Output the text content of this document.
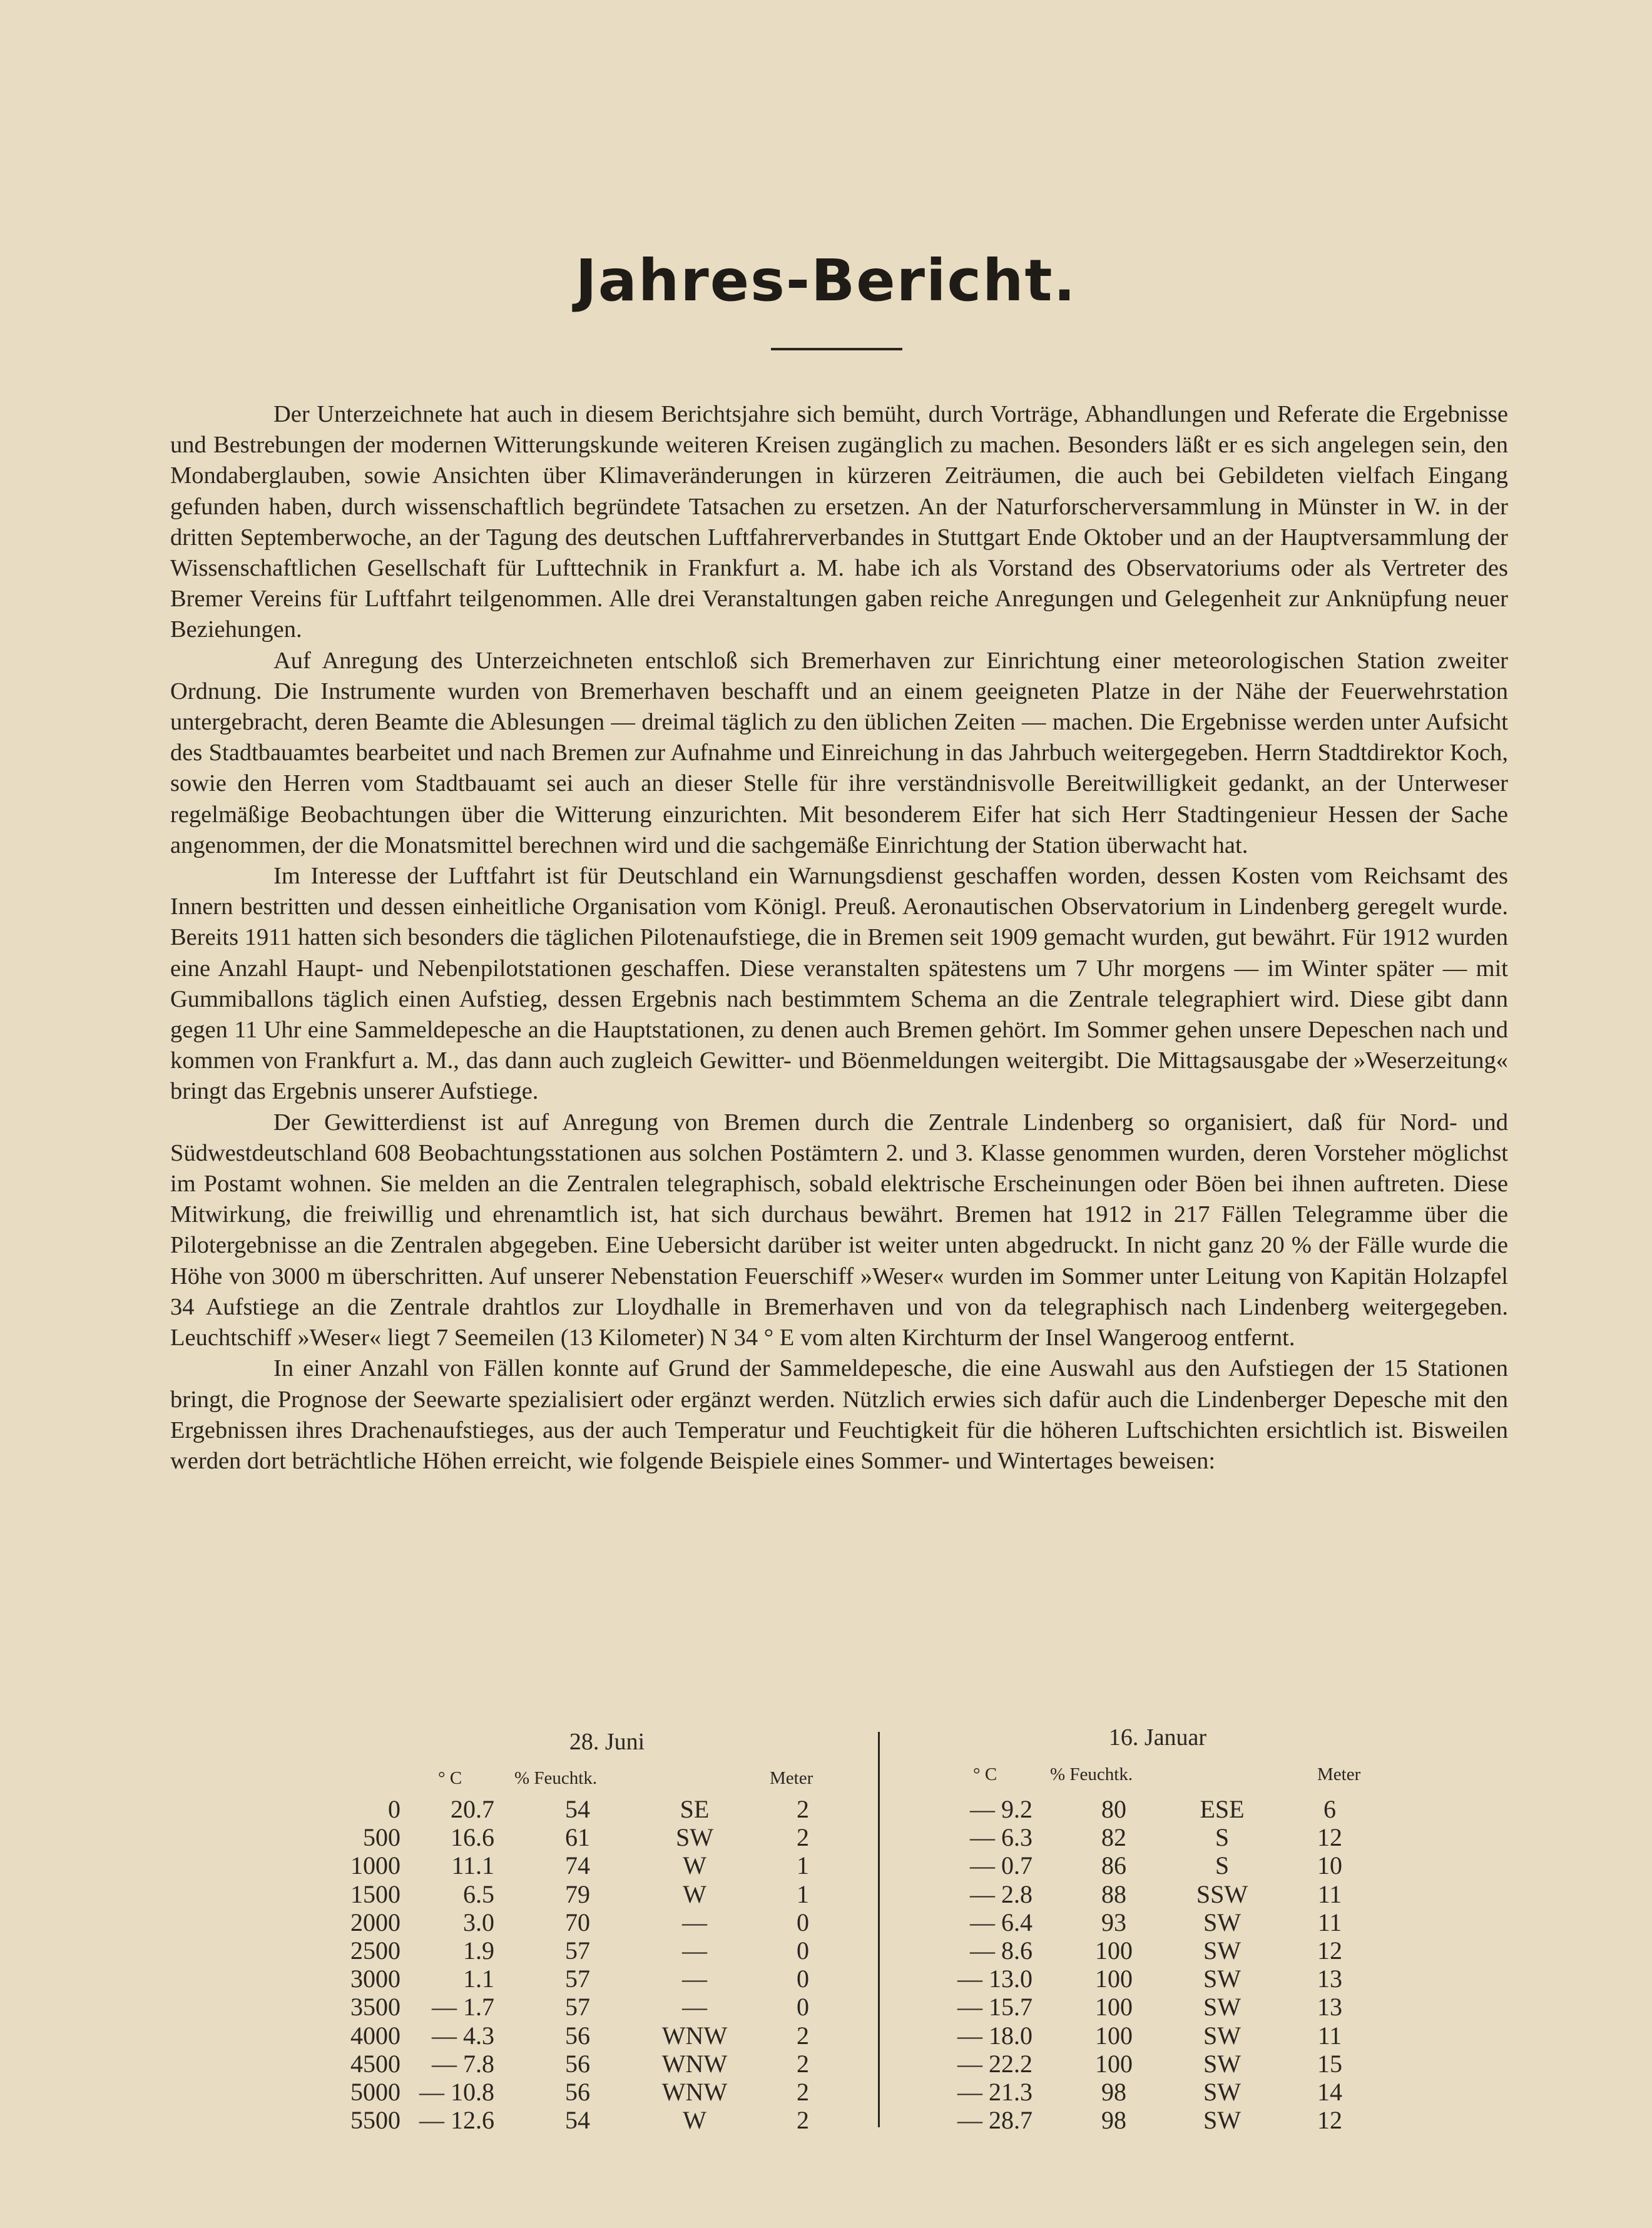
Jahres-Bericht.

Der Unterzeichnete hat auch in diesem Berichtsjahre sich bemüht, durch Vorträge, Abhandlungen und Referate die Ergebnisse und Bestrebungen der modernen Witterungskunde weiteren Kreisen zugänglich zu machen. Besonders läßt er es sich angelegen sein, den Mondaberglauben, sowie Ansichten über Klimaveränderungen in kürzeren Zeiträumen, die auch bei Gebildeten vielfach Eingang gefunden haben, durch wissenschaftlich begründete Tatsachen zu ersetzen. An der Naturforscherversammlung in Münster in W. in der dritten Septemberwoche, an der Tagung des deutschen Luftfahrerverbandes in Stuttgart Ende Oktober und an der Hauptversammlung der Wissenschaftlichen Gesellschaft für Lufttechnik in Frankfurt a. M. habe ich als Vorstand des Observatoriums oder als Vertreter des Bremer Vereins für Luftfahrt teilgenommen. Alle drei Veranstaltungen gaben reiche Anregungen und Gelegenheit zur Anknüpfung neuer Beziehungen.

Auf Anregung des Unterzeichneten entschloß sich Bremerhaven zur Einrichtung einer meteorologischen Station zweiter Ordnung. Die Instrumente wurden von Bremerhaven beschafft und an einem geeigneten Platze in der Nähe der Feuerwehrstation untergebracht, deren Beamte die Ablesungen — dreimal täglich zu den üblichen Zeiten — machen. Die Ergebnisse werden unter Aufsicht des Stadtbauamtes bearbeitet und nach Bremen zur Aufnahme und Einreichung in das Jahrbuch weitergegeben. Herrn Stadtdirektor Koch, sowie den Herren vom Stadtbauamt sei auch an dieser Stelle für ihre verständnisvolle Bereitwilligkeit gedankt, an der Unterweser regelmäßige Beobachtungen über die Witterung einzurichten. Mit besonderem Eifer hat sich Herr Stadtingenieur Hessen der Sache angenommen, der die Monatsmittel berechnen wird und die sachgemäße Einrichtung der Station überwacht hat.

Im Interesse der Luftfahrt ist für Deutschland ein Warnungsdienst geschaffen worden, dessen Kosten vom Reichsamt des Innern bestritten und dessen einheitliche Organisation vom Königl. Preuß. Aeronautischen Observatorium in Lindenberg geregelt wurde. Bereits 1911 hatten sich besonders die täglichen Pilotenaufstiege, die in Bremen seit 1909 gemacht wurden, gut bewährt. Für 1912 wurden eine Anzahl Haupt- und Nebenpilotstationen geschaffen. Diese veranstalten spätestens um 7 Uhr morgens — im Winter später — mit Gummiballons täglich einen Aufstieg, dessen Ergebnis nach bestimmtem Schema an die Zentrale telegraphiert wird. Diese gibt dann gegen 11 Uhr eine Sammeldepesche an die Hauptstationen, zu denen auch Bremen gehört. Im Sommer gehen unsere Depeschen nach und kommen von Frankfurt a. M., das dann auch zugleich Gewitter- und Böenmeldungen weitergibt. Die Mittagsausgabe der »Weserzeitung« bringt das Ergebnis unserer Aufstiege.

Der Gewitterdienst ist auf Anregung von Bremen durch die Zentrale Lindenberg so organisiert, daß für Nord- und Südwestdeutschland 608 Beobachtungsstationen aus solchen Postämtern 2. und 3. Klasse genommen wurden, deren Vorsteher möglichst im Postamt wohnen. Sie melden an die Zentralen telegraphisch, sobald elektrische Erscheinungen oder Böen bei ihnen auftreten. Diese Mitwirkung, die freiwillig und ehrenamtlich ist, hat sich durchaus bewährt. Bremen hat 1912 in 217 Fällen Telegramme über die Pilotergebnisse an die Zentralen abgegeben. Eine Uebersicht darüber ist weiter unten abgedruckt. In nicht ganz 20 % der Fälle wurde die Höhe von 3000 m überschritten. Auf unserer Nebenstation Feuerschiff »Weser« wurden im Sommer unter Leitung von Kapitän Holzapfel 34 Aufstiege an die Zentrale drahtlos zur Lloydhalle in Bremerhaven und von da telegraphisch nach Lindenberg weitergegeben. Leuchtschiff »Weser« liegt 7 Seemeilen (13 Kilometer) N 34 ° E vom alten Kirchturm der Insel Wangeroog entfernt.

In einer Anzahl von Fällen konnte auf Grund der Sammeldepesche, die eine Auswahl aus den Aufstiegen der 15 Stationen bringt, die Prognose der Seewarte spezialisiert oder ergänzt werden. Nützlich erwies sich dafür auch die Lindenberger Depesche mit den Ergebnissen ihres Drachenaufstieges, aus der auch Temperatur und Feuchtigkeit für die höheren Luftschichten ersichtlich ist. Bisweilen werden dort beträchtliche Höhen erreicht, wie folgende Beispiele eines Sommer- und Wintertages beweisen:

28. Juni	16. Januar
° C	% Feuchtk.	Meter	° C	% Feuchtk.	Meter
0 20.7	54	SE	2	— 9.2	80	ESE	6
500 16.6	61	SW	2	— 6.3	82	S	12
1000 11.1	74	W	1	— 0.7	86	S	10
1500	6.5	79	W	1	— 2.8	88	SSW	11
2000	3.0	70	—	0	— 6.4	93	SW	11
2500	1.9	57	—	0	— 8.6	100	SW	12
3000	1.1	57	—	0	— 13.0	100	SW	13
3500 — 1.7	57	—	0	— 15.7	100	SW	13
4000 — 4.3	56	WNW	2	— 18.0	100	SW	11
4500 — 7.8	56	WNW	2	— 22.2	100	SW	15
5000 — 10.8	56	WNW	2	— 21.3	98	SW	14
5500 — 12.6	54	W	2	— 28.7	98	SW	12
